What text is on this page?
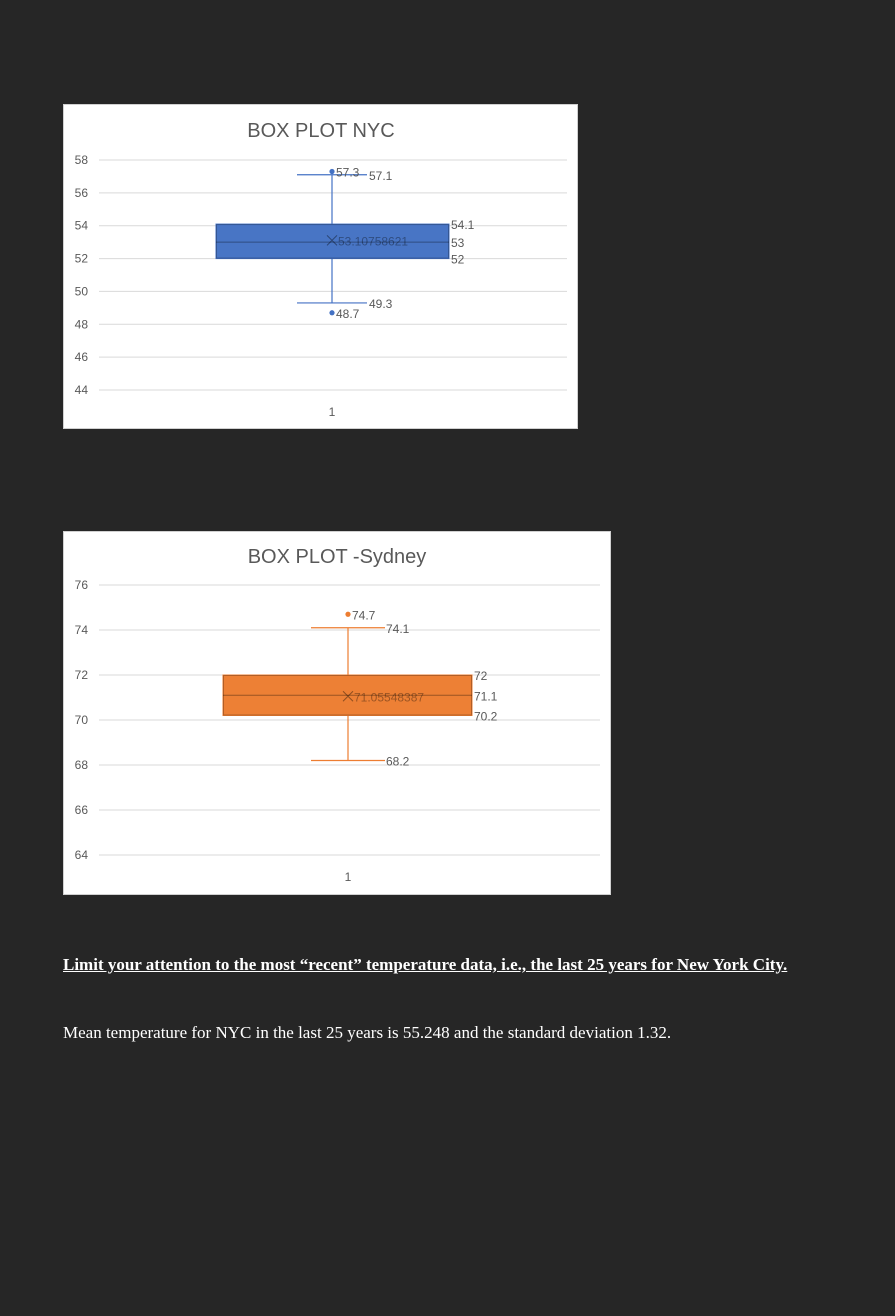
BOX PLOT NYC
44
46
48
50
52
54
56
58
1
57.3
48.7
57.1
49.3
54.1
53
52
53.10758621
BOX PLOT -Sydney
64
66
68
70
72
74
76
1
74.7
74.1
68.2
72
71.1
70.2
71.05548387
Limit your attention to the most “recent” temperature data, i.e., the last 25 years for New York City.
Mean temperature for NYC in the last 25 years is 55.248 and the standard deviation 1.32.
